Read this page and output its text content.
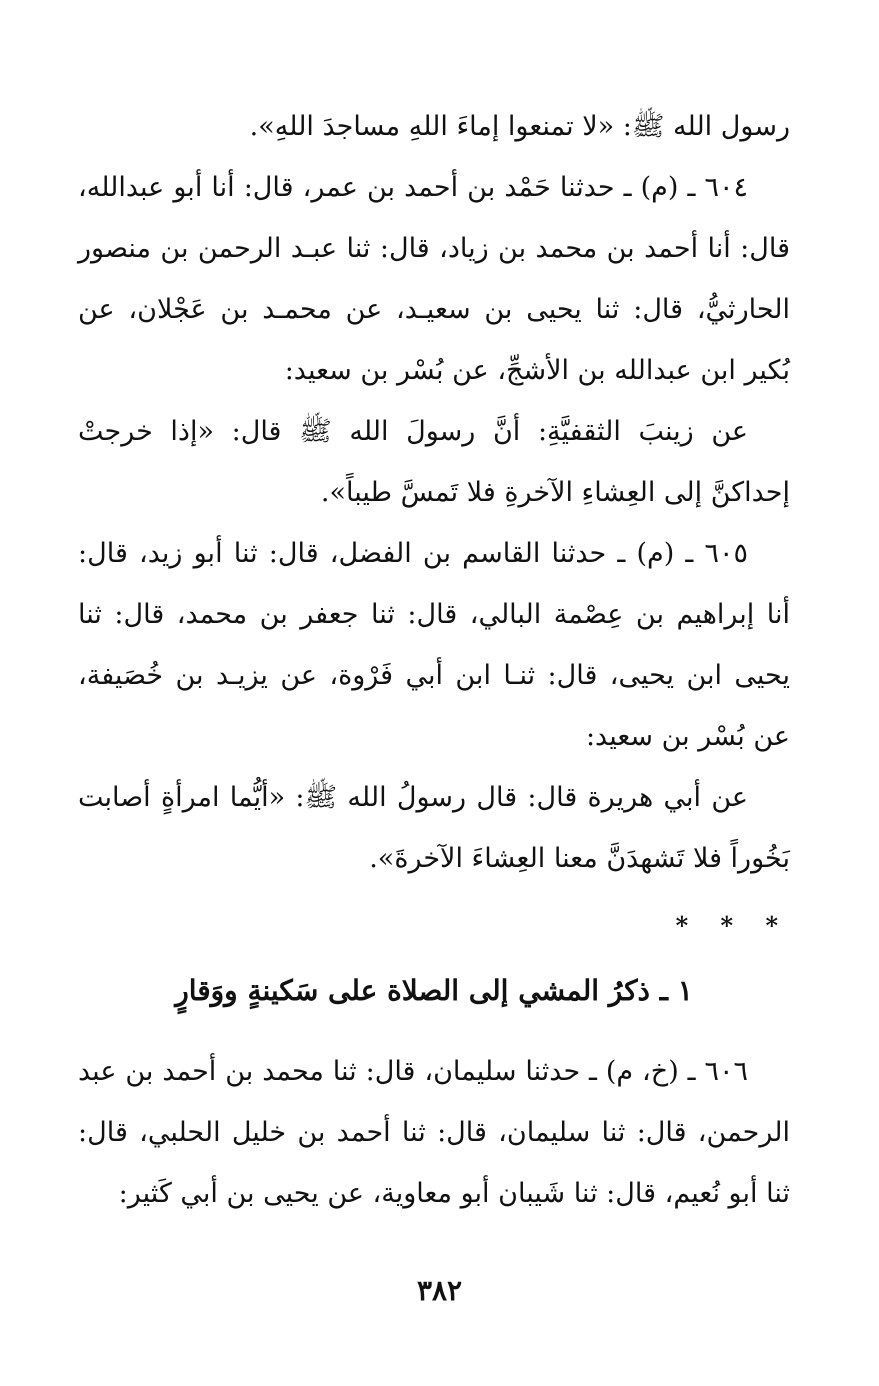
رسول الله ﷺ: «لا تمنعوا إماءَ اللهِ مساجدَ اللهِ».

٦٠٤ ـ (م) ـ حدثنا حَمْد بن أحمد بن عمر، قال: أنا أبو عبدالله، قال: أنا أحمد بن محمد بن زياد، قال: ثنا عبـد الرحمن بن منصور الحارثيُّ، قال: ثنا يحيى بن سعيـد، عن محمـد بن عَجْلان، عن بُكير ابن عبدالله بن الأشجِّ، عن بُسْر بن سعيد:

عن زينبَ الثقفيَّةِ: أنَّ رسولَ الله ﷺ قال: «إذا خرجتْ إحداكنَّ إلى العِشاءِ الآخرةِ فلا تَمسَّ طيباً».

٦٠٥ ـ (م) ـ حدثنا القاسم بن الفضل، قال: ثنا أبو زيد، قال: أنا إبراهيم بن عِصْمة البالي، قال: ثنا جعفر بن محمد، قال: ثنا يحيى ابن يحيى، قال: ثنـا ابن أبي فَرْوة، عن يزيـد بن خُصَيفة، عن بُسْر بن سعيد:

عن أبي هريرة قال: قال رسولُ الله ﷺ: «أيُّما امرأةٍ أصابت بَخُوراً فلا تَشهدَنَّ معنا العِشاءَ الآخرةَ».

* * *
١ ـ ذكرُ المشي إلى الصلاة على سَكينةٍ ووَقارٍ

٦٠٦ ـ (خ، م) ـ حدثنا سليمان، قال: ثنا محمد بن أحمد بن عبد الرحمن، قال: ثنا سليمان، قال: ثنا أحمد بن خليل الحلبي، قال: ثنا أبو نُعيم، قال: ثنا شَيبان أبو معاوية، عن يحيى بن أبي كَثير:

٣٨٢
